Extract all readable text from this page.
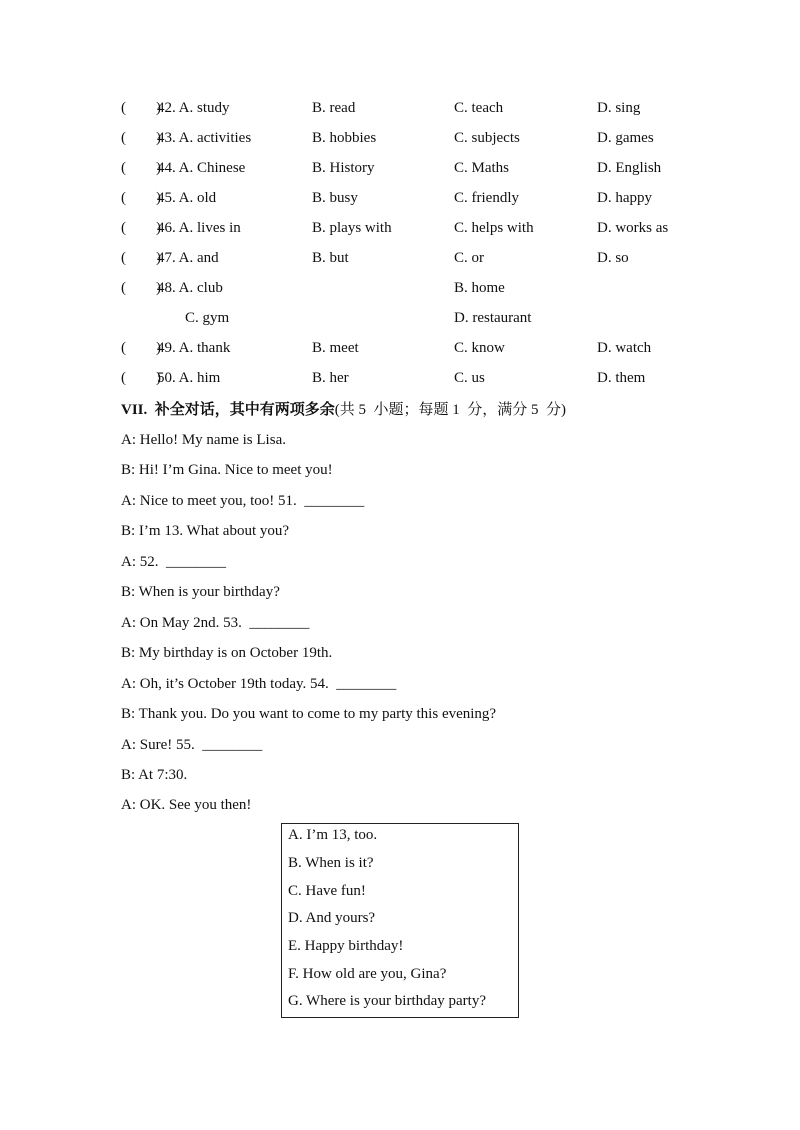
(        )
42. A. study	B. read	C. teach	D. sing
(        )
43. A. activities	B. hobbies	C. subjects	D. games
(        )
44. A. Chinese	B. History	C. Maths	D. English
(        )
45. A. old	B. busy	C. friendly	D. happy
(        )
46. A. lives in	B. plays with	C. helps with	D. works as
(        )
47. A. and	B. but	C. or	D. so
(        )
48. A. club	B. home
C. gym	D. restaurant
(        )
49. A. thank	B. meet	C. know	D. watch
(        )
50. A. him	B. her	C. us	D. them
VII. 补全对话，其中有两项多余(共 5  小题；每题 1  分，满分 5  分)
A: Hello! My name is Lisa.
B: Hi! I’m Gina. Nice to meet you!
A: Nice to meet you, too! 51.  ________
B: I’m 13. What about you?
A: 52.  ________
B: When is your birthday?
A: On May 2nd. 53.  ________
B: My birthday is on October 19th.
A: Oh, it’s October 19th today. 54.  ________
B: Thank you. Do you want to come to my party this evening?
A: Sure! 55.  ________
B: At 7:30.
A: OK. See you then!
A. I’m 13, too.
B. When is it?
C. Have fun!
D. And yours?
E. Happy birthday!
F. How old are you, Gina?
G. Where is your birthday party?
